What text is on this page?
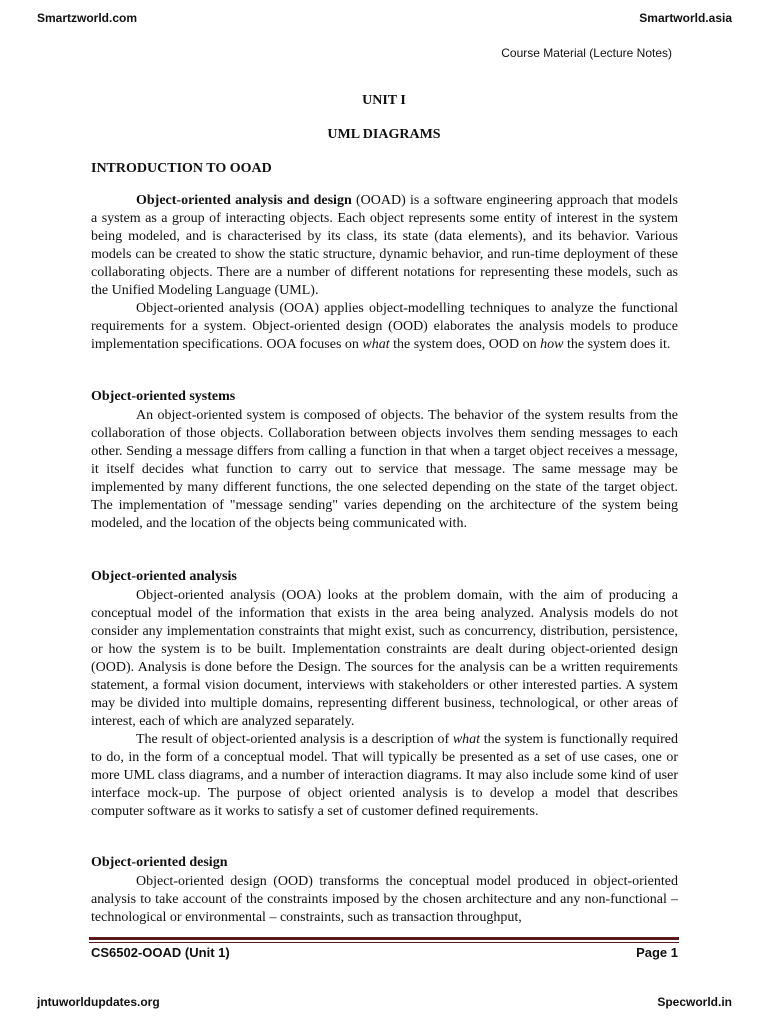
Smartzworld.com	Smartworld.asia
Course Material (Lecture Notes)
UNIT I
UML DIAGRAMS
INTRODUCTION TO OOAD

Object-oriented analysis and design (OOAD) is a software engineering approach that models a system as a group of interacting objects. Each object represents some entity of interest in the system being modeled, and is characterised by its class, its state (data elements), and its behavior. Various models can be created to show the static structure, dynamic behavior, and run-time deployment of these collaborating objects. There are a number of different notations for representing these models, such as the Unified Modeling Language (UML).

Object-oriented analysis (OOA) applies object-modelling techniques to analyze the functional requirements for a system. Object-oriented design (OOD) elaborates the analysis models to produce implementation specifications. OOA focuses on what the system does, OOD on how the system does it.

Object-oriented systems

An object-oriented system is composed of objects. The behavior of the system results from the collaboration of those objects. Collaboration between objects involves them sending messages to each other. Sending a message differs from calling a function in that when a target object receives a message, it itself decides what function to carry out to service that message. The same message may be implemented by many different functions, the one selected depending on the state of the target object. The implementation of "message sending" varies depending on the architecture of the system being modeled, and the location of the objects being communicated with.

Object-oriented analysis

Object-oriented analysis (OOA) looks at the problem domain, with the aim of producing a conceptual model of the information that exists in the area being analyzed. Analysis models do not consider any implementation constraints that might exist, such as concurrency, distribution, persistence, or how the system is to be built. Implementation constraints are dealt during object-oriented design (OOD). Analysis is done before the Design. The sources for the analysis can be a written requirements statement, a formal vision document, interviews with stakeholders or other interested parties. A system may be divided into multiple domains, representing different business, technological, or other areas of interest, each of which are analyzed separately.

The result of object-oriented analysis is a description of what the system is functionally required to do, in the form of a conceptual model. That will typically be presented as a set of use cases, one or more UML class diagrams, and a number of interaction diagrams. It may also include some kind of user interface mock-up. The purpose of object oriented analysis is to develop a model that describes computer software as it works to satisfy a set of customer defined requirements.

Object-oriented design

Object-oriented design (OOD) transforms the conceptual model produced in object-oriented analysis to take account of the constraints imposed by the chosen architecture and any non-functional – technological or environmental – constraints, such as transaction throughput,

CS6502-OOAD (Unit 1)	Page 1
jntuworldupdates.org	Specworld.in
